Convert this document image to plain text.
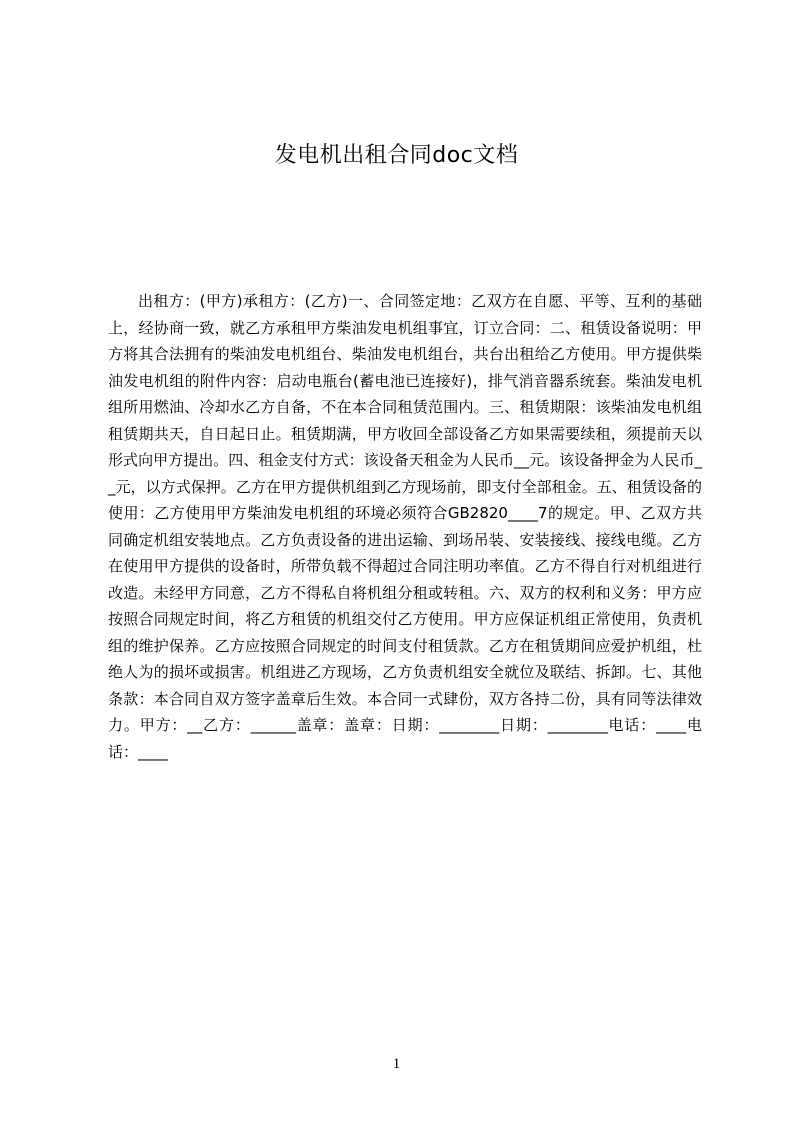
发电机出租合同doc文档

出租方：(甲方)承租方：(乙方)一、合同签定地：乙双方在自愿、平等、互利的基础上，经协商一致，就乙方承租甲方柴油发电机组事宜，订立合同：二、租赁设备说明：甲方将其合法拥有的柴油发电机组台、柴油发电机组台，共台出租给乙方使用。甲方提供柴油发电机组的附件内容：启动电瓶台(蓄电池已连接好)，排气消音器系统套。柴油发电机组所用燃油、冷却水乙方自备，不在本合同租赁范围内。三、租赁期限：该柴油发电机组租赁期共天，自日起日止。租赁期满，甲方收回全部设备乙方如果需要续租，须提前天以形式向甲方提出。四、租金支付方式：该设备天租金为人民币__元。该设备押金为人民币__元，以方式保押。乙方在甲方提供机组到乙方现场前，即支付全部租金。五、租赁设备的使用：乙方使用甲方柴油发电机组的环境必须符合GB2820____7的规定。甲、乙双方共同确定机组安装地点。乙方负责设备的进出运输、到场吊装、安装接线、接线电缆。乙方在使用甲方提供的设备时，所带负载不得超过合同注明功率值。乙方不得自行对机组进行改造。未经甲方同意，乙方不得私自将机组分租或转租。六、双方的权利和义务：甲方应按照合同规定时间，将乙方租赁的机组交付乙方使用。甲方应保证机组正常使用，负责机组的维护保养。乙方应按照合同规定的时间支付租赁款。乙方在租赁期间应爱护机组，杜绝人为的损坏或损害。机组进乙方现场，乙方负责机组安全就位及联结、拆卸。七、其他条款：本合同自双方签字盖章后生效。本合同一式肆份，双方各持二份，具有同等法律效力。甲方：__乙方：______盖章：盖章：日期：________日期：________电话：____电话：____

1
